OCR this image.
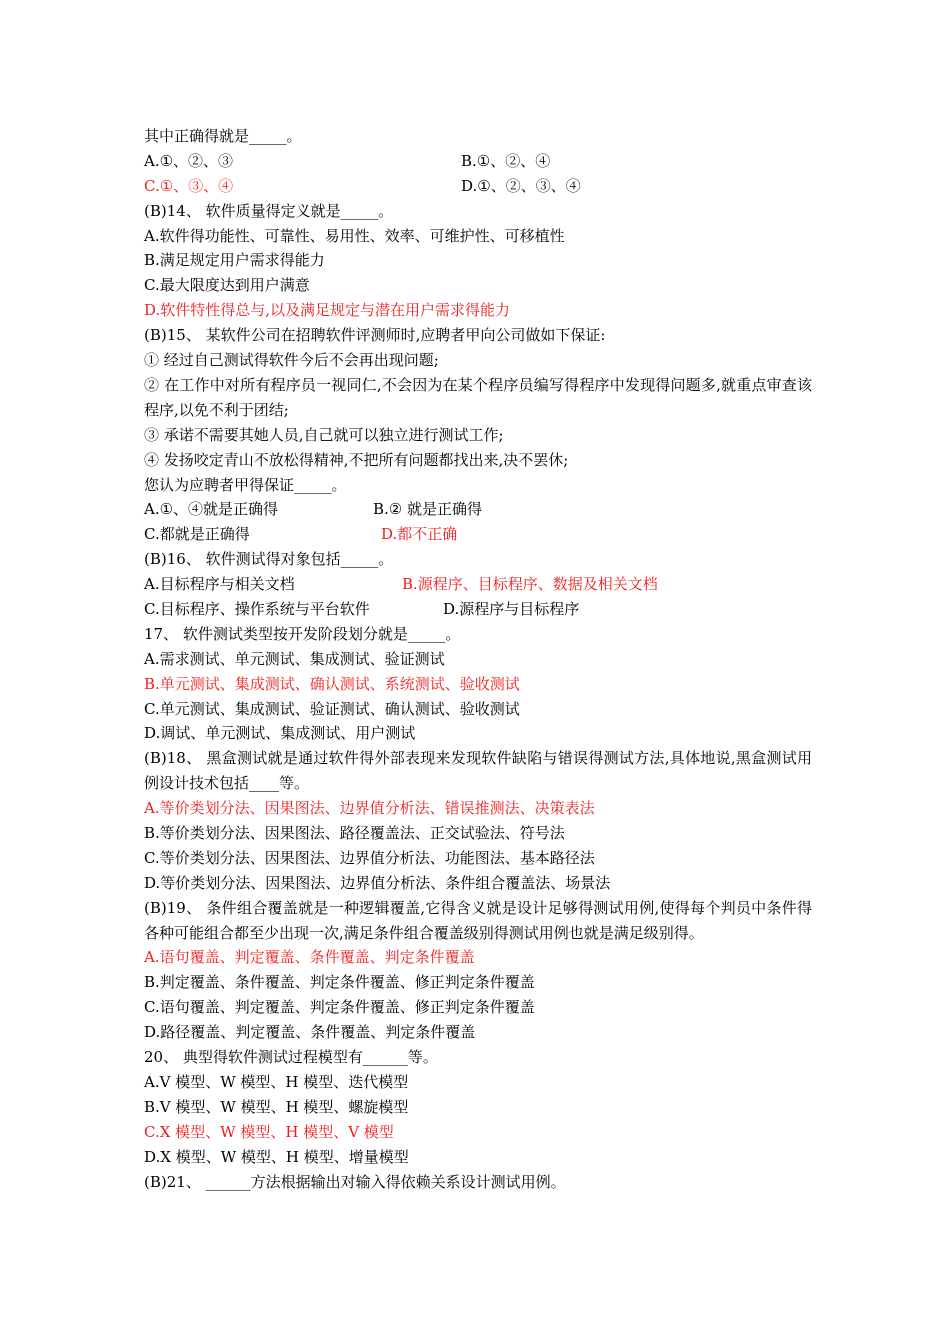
其中正确得就是_____。
A.①、②、③	B.①、②、④
C.①、③、④	D.①、②、③、④
(B)14、 软件质量得定义就是_____。
A.软件得功能性、可靠性、易用性、效率、可维护性、可移植性
B.满足规定用户需求得能力
C.最大限度达到用户满意
D.软件特性得总与,以及满足规定与潜在用户需求得能力
(B)15、 某软件公司在招聘软件评测师时,应聘者甲向公司做如下保证:
① 经过自己测试得软件今后不会再出现问题;
② 在工作中对所有程序员一视同仁,不会因为在某个程序员编写得程序中发现得问题多,就重点审查该程序,以免不利于团结;
③ 承诺不需要其她人员,自己就可以独立进行测试工作;
④ 发扬咬定青山不放松得精神,不把所有问题都找出来,决不罢休;
您认为应聘者甲得保证_____。
A.①、④就是正确得	B.② 就是正确得
C.都就是正确得	D.都不正确
(B)16、 软件测试得对象包括_____。
A.目标程序与相关文档	B.源程序、目标程序、数据及相关文档
C.目标程序、操作系统与平台软件	D.源程序与目标程序
17、 软件测试类型按开发阶段划分就是_____。
A.需求测试、单元测试、集成测试、验证测试
B.单元测试、集成测试、确认测试、系统测试、验收测试
C.单元测试、集成测试、验证测试、确认测试、验收测试
D.调试、单元测试、集成测试、用户测试
(B)18、 黑盒测试就是通过软件得外部表现来发现软件缺陷与错误得测试方法,具体地说,黑盒测试用例设计技术包括____等。
A.等价类划分法、因果图法、边界值分析法、错误推测法、决策表法
B.等价类划分法、因果图法、路径覆盖法、正交试验法、符号法
C.等价类划分法、因果图法、边界值分析法、功能图法、基本路径法
D.等价类划分法、因果图法、边界值分析法、条件组合覆盖法、场景法
(B)19、 条件组合覆盖就是一种逻辑覆盖,它得含义就是设计足够得测试用例,使得每个判员中条件得各种可能组合都至少出现一次,满足条件组合覆盖级别得测试用例也就是满足级别得。
A.语句覆盖、判定覆盖、条件覆盖、判定条件覆盖
B.判定覆盖、条件覆盖、判定条件覆盖、修正判定条件覆盖
C.语句覆盖、判定覆盖、判定条件覆盖、修正判定条件覆盖
D.路径覆盖、判定覆盖、条件覆盖、判定条件覆盖
20、 典型得软件测试过程模型有______等。
A.V 模型、W 模型、H 模型、迭代模型
B.V 模型、W 模型、H 模型、螺旋模型
C.X 模型、W 模型、H 模型、V 模型
D.X 模型、W 模型、H 模型、增量模型
(B)21、 ______方法根据输出对输入得依赖关系设计测试用例。
